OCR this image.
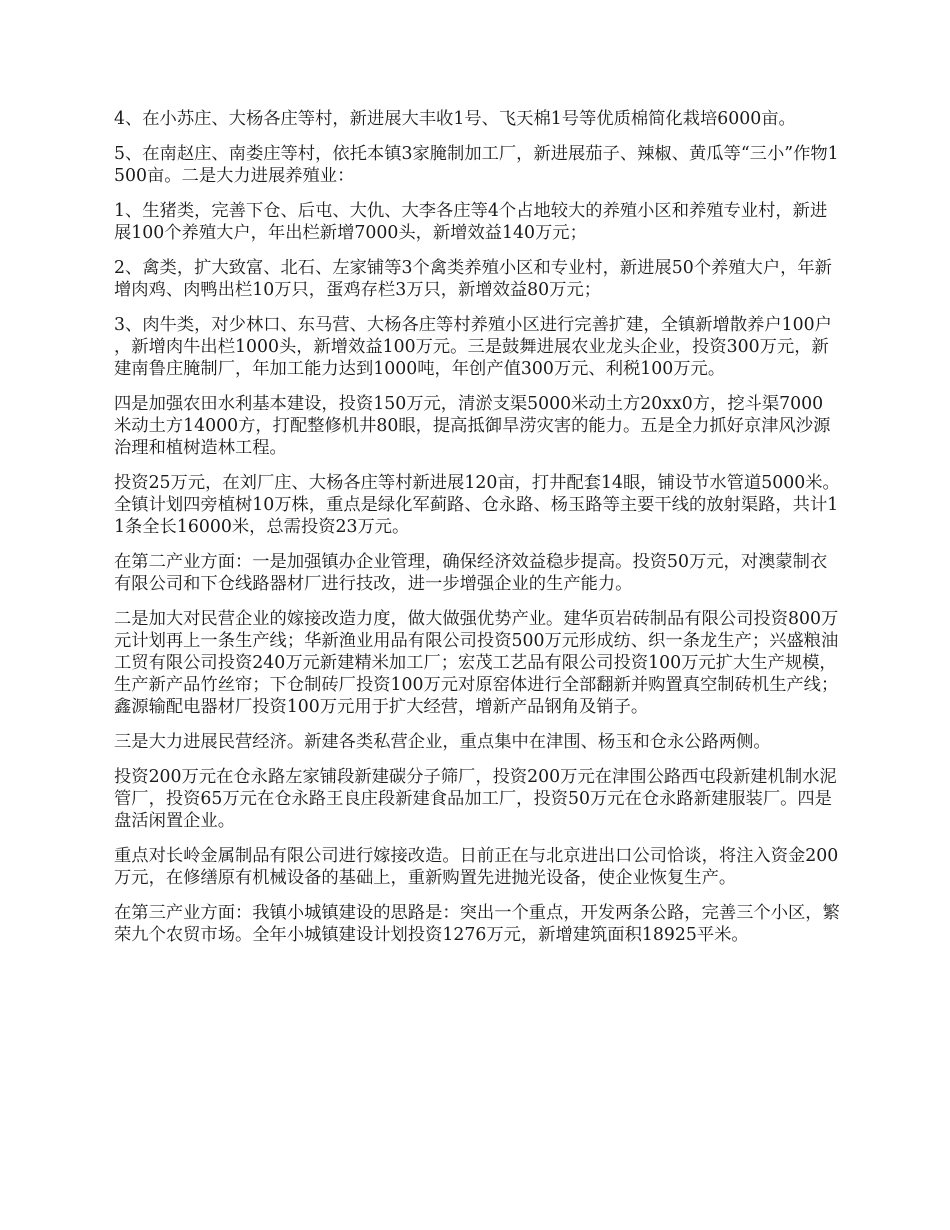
4、在小苏庄、大杨各庄等村，新进展大丰收1号、飞天棉1号等优质棉简化栽培6000亩。

5、在南赵庄、南娄庄等村，依托本镇3家腌制加工厂，新进展茄子、辣椒、黄瓜等“三小”作物1500亩。二是大力进展养殖业：

1、生猪类，完善下仓、后屯、大仇、大李各庄等4个占地较大的养殖小区和养殖专业村，新进展100个养殖大户，年出栏新增7000头，新增效益140万元；

2、禽类，扩大致富、北石、左家铺等3个禽类养殖小区和专业村，新进展50个养殖大户，年新增肉鸡、肉鸭出栏10万只，蛋鸡存栏3万只，新增效益80万元；

3、肉牛类，对少林口、东马营、大杨各庄等村养殖小区进行完善扩建，全镇新增散养户100户，新增肉牛出栏1000头，新增效益100万元。三是鼓舞进展农业龙头企业，投资300万元，新建南鲁庄腌制厂，年加工能力达到1000吨，年创产值300万元、利税100万元。

四是加强农田水利基本建设，投资150万元，清淤支渠5000米动土方20xx0方，挖斗渠7000米动土方14000方，打配整修机井80眼，提高抵御旱涝灾害的能力。五是全力抓好京津风沙源治理和植树造林工程。

投资25万元，在刘厂庄、大杨各庄等村新进展120亩，打井配套14眼，铺设节水管道5000米。全镇计划四旁植树10万株，重点是绿化军蓟路、仓永路、杨玉路等主要干线的放射渠路，共计11条全长16000米，总需投资23万元。

在第二产业方面：一是加强镇办企业管理，确保经济效益稳步提高。投资50万元，对澳蒙制衣有限公司和下仓线路器材厂进行技改，进一步增强企业的生产能力。

二是加大对民营企业的嫁接改造力度，做大做强优势产业。建华页岩砖制品有限公司投资800万元计划再上一条生产线；华新渔业用品有限公司投资500万元形成纺、织一条龙生产；兴盛粮油工贸有限公司投资240万元新建精米加工厂；宏茂工艺品有限公司投资100万元扩大生产规模，生产新产品竹丝帘；下仓制砖厂投资100万元对原窑体进行全部翻新并购置真空制砖机生产线；鑫源输配电器材厂投资100万元用于扩大经营，增新产品钢角及销子。

三是大力进展民营经济。新建各类私营企业，重点集中在津围、杨玉和仓永公路两侧。

投资200万元在仓永路左家铺段新建碳分子筛厂，投资200万元在津围公路西屯段新建机制水泥管厂，投资65万元在仓永路王良庄段新建食品加工厂，投资50万元在仓永路新建服装厂。四是盘活闲置企业。

重点对长岭金属制品有限公司进行嫁接改造。日前正在与北京进出口公司恰谈，将注入资金200万元，在修缮原有机械设备的基础上，重新购置先进抛光设备，使企业恢复生产。

在第三产业方面：我镇小城镇建设的思路是：突出一个重点，开发两条公路，完善三个小区，繁荣九个农贸市场。全年小城镇建设计划投资1276万元，新增建筑面积18925平米。
